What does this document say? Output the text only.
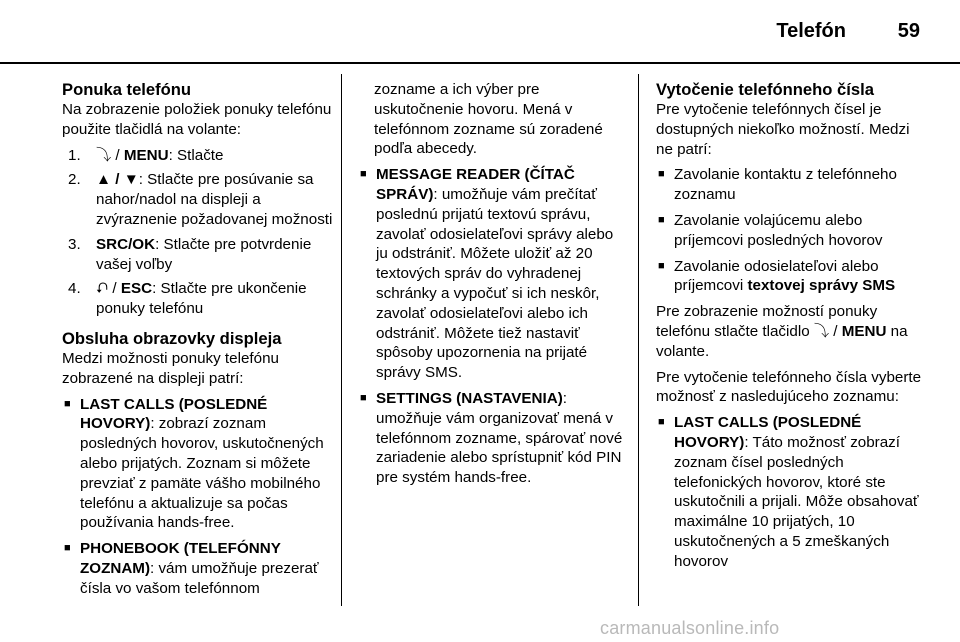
Telefón	59
Ponuka telefónu

Na zobrazenie položiek ponuky telefónu použite tlačidlá na volante:

1.	⤵ / MENU: Stlačte
2.	▲ / ▼: Stlačte pre posúvanie sa nahor/nadol na displeji a zvýraznenie požadovanej možnosti
3.	SRC/OK: Stlačte pre potvrdenie vašej voľby
4.	⮏ / ESC: Stlačte pre ukončenie ponuky telefónu
Obsluha obrazovky displeja

Medzi možnosti ponuky telefónu zobrazené na displeji patrí:

■ LAST CALLS (POSLEDNÉ HOVORY): zobrazí zoznam posledných hovorov, uskutočnených alebo prijatých. Zoznam si môžete prevziať z pamäte vášho mobilného telefónu a aktualizuje sa počas používania hands-free.
■ PHONEBOOK (TELEFÓNNY ZOZNAM): vám umožňuje prezerať čísla vo vašom telefónnom
zozname a ich výber pre uskutočnenie hovoru. Mená v telefónnom zozname sú zoradené podľa abecedy.
■ MESSAGE READER (ČÍTAČ SPRÁV): umožňuje vám prečítať poslednú prijatú textovú správu, zavolať odosielateľovi správy alebo ju odstrániť. Môžete uložiť až 20 textových správ do vyhradenej schránky a vypočuť si ich neskôr, zavolať odosielateľovi alebo ich odstrániť. Môžete tiež nastaviť spôsoby upozornenia na prijaté správy SMS.
■ SETTINGS (NASTAVENIA): umožňuje vám organizovať mená v telefónnom zozname, spárovať nové zariadenie alebo sprístupniť kód PIN pre systém hands-free.
Vytočenie telefónneho čísla

Pre vytočenie telefónnych čísel je dostupných niekoľko možností. Medzi ne patrí:

■ Zavolanie kontaktu z telefónneho zoznamu
■ Zavolanie volajúcemu alebo príjemcovi posledných hovorov
■ Zavolanie odosielateľovi alebo príjemcovi textovej správy SMS

Pre zobrazenie možností ponuky telefónu stlačte tlačidlo ⤵ / MENU na volante.

Pre vytočenie telefónneho čísla vyberte možnosť z nasledujúceho zoznamu:

■ LAST CALLS (POSLEDNÉ HOVORY): Táto možnosť zobrazí zoznam čísel posledných telefonických hovorov, ktoré ste uskutočnili a prijali. Môže obsahovať maximálne 10 prijatých, 10 uskutočnených a 5 zmeškaných hovorov
carmanualsonline.info
